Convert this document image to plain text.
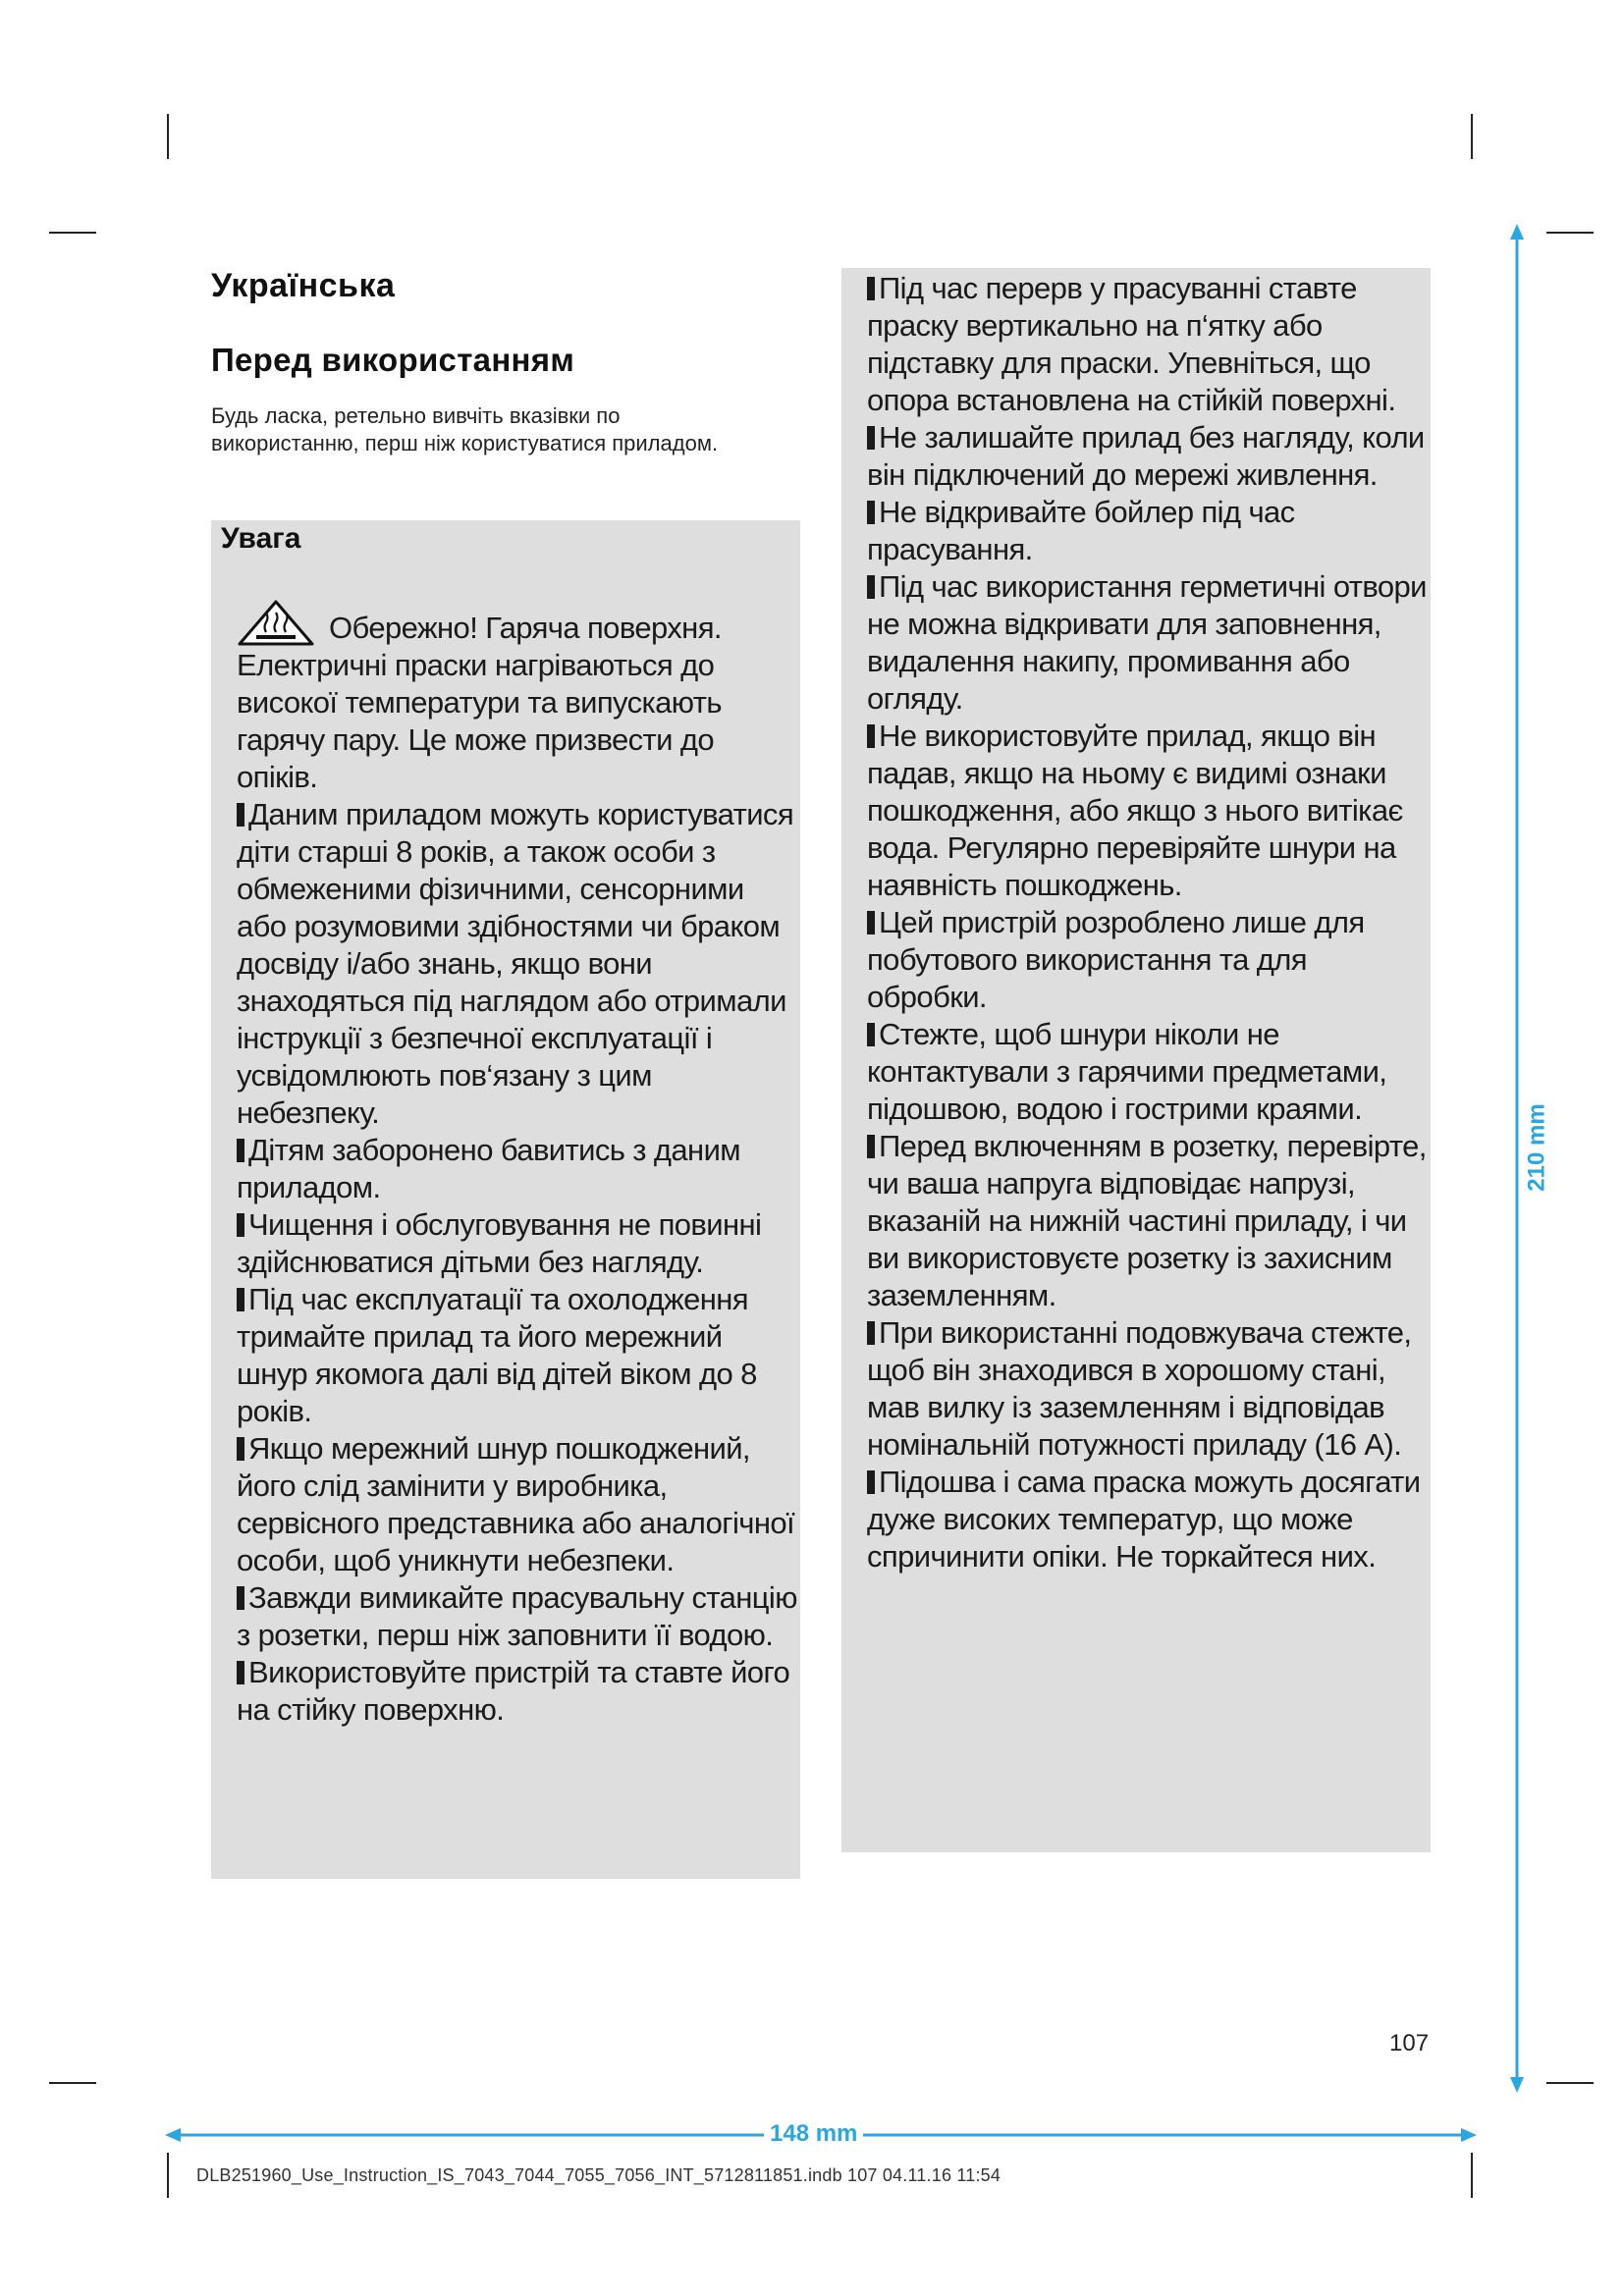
Українська
Перед використанням
Будь ласка, ретельно вивчіть вказівки по використанню, перш ніж користуватися приладом.
Увага
Обережно! Гаряча поверхня. Електричні праски нагріваються до високої температури та випускають гарячу пару. Це може призвести до опіків.
Даним приладом можуть користуватися діти старші 8 років, а також особи з обмеженими фізичними, сенсорними або розумовими здібностями чи браком досвіду і/або знань, якщо вони знаходяться під наглядом або отримали інструкції з безпечної експлуатації і усвідомлюють пов‘язану з цим небезпеку.
Дітям заборонено бавитись з даним приладом.
Чищення і обслуговування не повинні здійснюватися дітьми без нагляду.
Під час експлуатації та охолодження тримайте прилад та його мережний шнур якомога далі від дітей віком до 8 років.
Якщо мережний шнур пошкоджений, його слід замінити у виробника, сервісного представника або аналогічної особи, щоб уникнути небезпеки.
Завжди вимикайте прасувальну станцію з розетки, перш ніж заповнити її водою.
Використовуйте пристрій та ставте його на стійку поверхню.
Під час перерв у прасуванні ставте праску вертикально на п‘ятку або підставку для праски. Упевніться, що опора встановлена на стійкій поверхні.
Не залишайте прилад без нагляду, коли він підключений до мережі живлення.
Не відкривайте бойлер під час прасування.
Під час використання герметичні отвори не можна відкривати для заповнення, видалення накипу, промивання або огляду.
Не використовуйте прилад, якщо він падав, якщо на ньому є видимі ознаки пошкодження, або якщо з нього витікає вода. Регулярно перевіряйте шнури на наявність пошкоджень.
Цей пристрій розроблено лише для побутового використання та для обробки.
Стежте, щоб шнури ніколи не контактували з гарячими предметами, підошвою, водою і гострими краями.
Перед включенням в розетку, перевірте, чи ваша напруга відповідає напрузі, вказаній на нижній частині приладу, і чи ви використовуєте розетку із захисним заземленням.
При використанні подовжувача стежте, щоб він знаходився в хорошому стані, мав вилку із заземленням і відповідав номінальній потужності приладу (16 A).
Підошва і сама праска можуть досягати дуже високих температур, що може спричинити опіки. Не торкайтеся них.
107
210 mm
148 mm
DLB251960_Use_Instruction_IS_7043_7044_7055_7056_INT_5712811851.indb 107 04.11.16 11:54
